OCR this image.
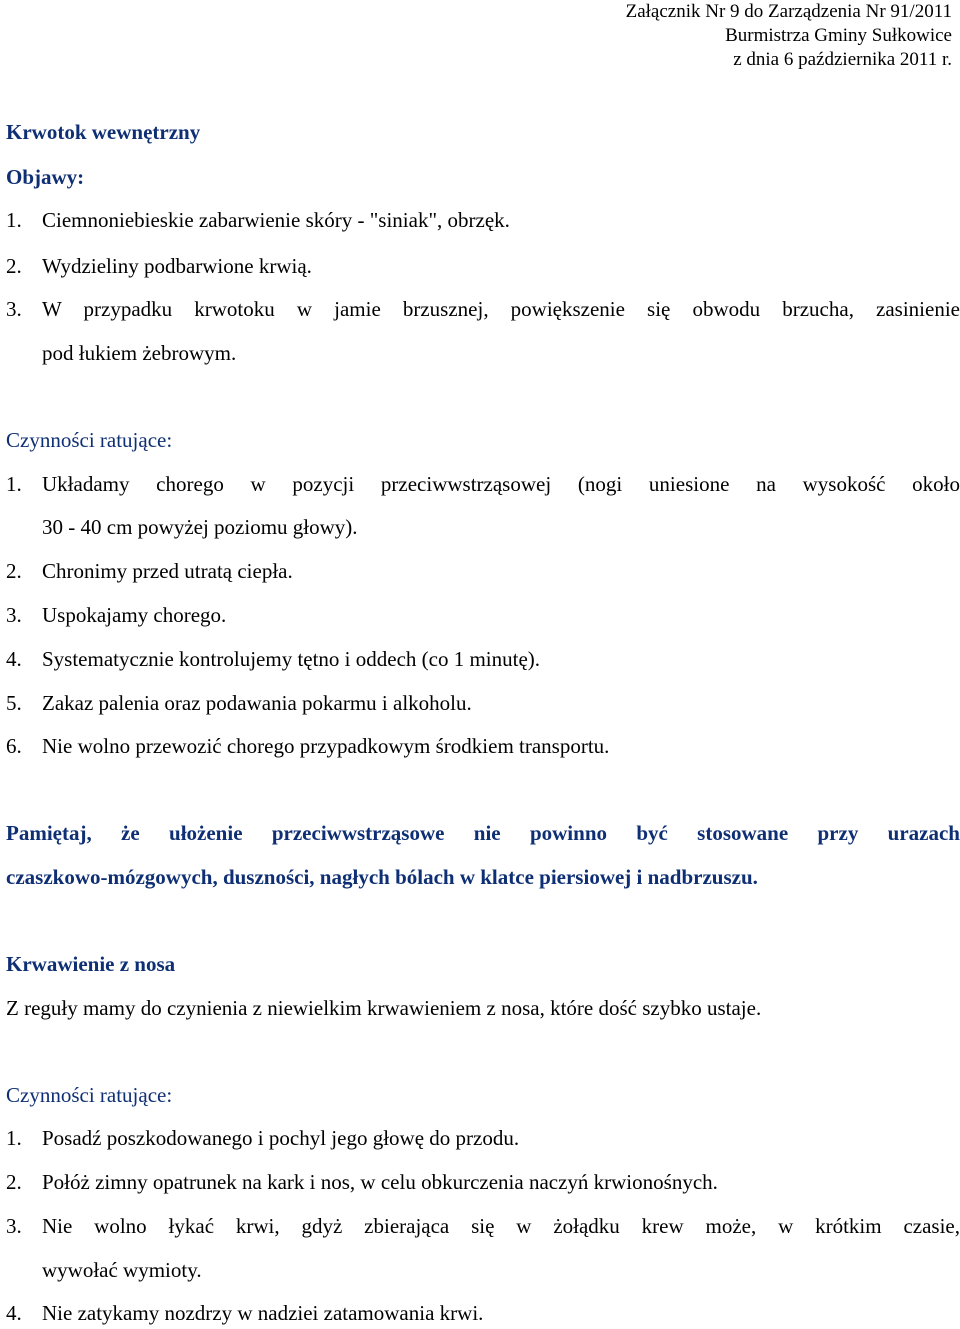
Załącznik Nr 9 do Zarządzenia Nr 91/2011
Burmistrza Gminy Sułkowice
z dnia 6 października 2011 r.
Krwotok wewnętrzny
Objawy:
1. Ciemnoniebieskie zabarwienie skóry - "siniak", obrzęk.
2. Wydzieliny podbarwione krwią.
3. W przypadku krwotoku w jamie brzusznej, powiększenie się obwodu brzucha, zasinienie
pod łukiem żebrowym.
Czynności ratujące:
1. Układamy chorego w pozycji przeciwwstrząsowej (nogi uniesione na wysokość około
30 - 40 cm powyżej poziomu głowy).
2. Chronimy przed utratą ciepła.
3. Uspokajamy chorego.
4. Systematycznie kontrolujemy tętno i oddech (co 1 minutę).
5. Zakaz palenia oraz podawania pokarmu i alkoholu.
6. Nie wolno przewozić chorego przypadkowym środkiem transportu.
Pamiętaj, że ułożenie przeciwwstrząsowe nie powinno być stosowane przy urazach
czaszkowo-mózgowych, duszności, nagłych bólach w klatce piersiowej i nadbrzuszu.
Krwawienie z nosa
Z reguły mamy do czynienia z niewielkim krwawieniem z nosa, które dość szybko ustaje.
Czynności ratujące:
1. Posadź poszkodowanego i pochyl jego głowę do przodu.
2. Połóż zimny opatrunek na kark i nos, w celu obkurczenia naczyń krwionośnych.
3. Nie wolno łykać krwi, gdyż zbierająca się w żołądku krew może, w krótkim czasie,
wywołać wymioty.
4. Nie zatykamy nozdrzy w nadziei zatamowania krwi.
